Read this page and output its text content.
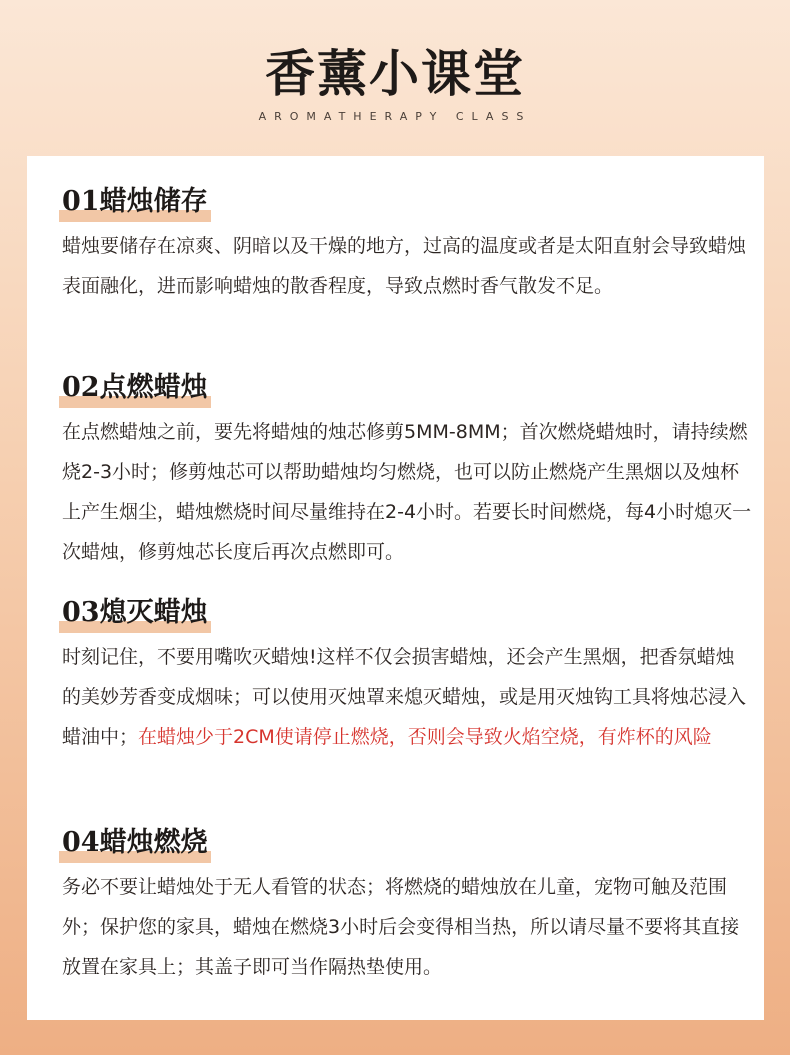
香薰小课堂
AROMATHERAPY CLASS
01蜡烛储存

蜡烛要储存在凉爽、阴暗以及干燥的地方，过高的温度或者是太阳直射会导致蜡烛表面融化，进而影响蜡烛的散香程度，导致点燃时香气散发不足。

02点燃蜡烛

在点燃蜡烛之前，要先将蜡烛的烛芯修剪5MM-8MM；首次燃烧蜡烛时，请持续燃烧2-3小时；修剪烛芯可以帮助蜡烛均匀燃烧，也可以防止燃烧产生黑烟以及烛杯上产生烟尘，蜡烛燃烧时间尽量维持在2-4小时。若要长时间燃烧，每4小时熄灭一次蜡烛，修剪烛芯长度后再次点燃即可。

03熄灭蜡烛

时刻记住，不要用嘴吹灭蜡烛!这样不仅会损害蜡烛，还会产生黑烟，把香氛蜡烛的美妙芳香变成烟味；可以使用灭烛罩来熄灭蜡烛，或是用灭烛钩工具将烛芯浸入蜡油中；在蜡烛少于2CM使请停止燃烧，否则会导致火焰空烧，有炸杯的风险

04蜡烛燃烧

务必不要让蜡烛处于无人看管的状态；将燃烧的蜡烛放在儿童，宠物可触及范围外；保护您的家具，蜡烛在燃烧3小时后会变得相当热，所以请尽量不要将其直接放置在家具上；其盖子即可当作隔热垫使用。
